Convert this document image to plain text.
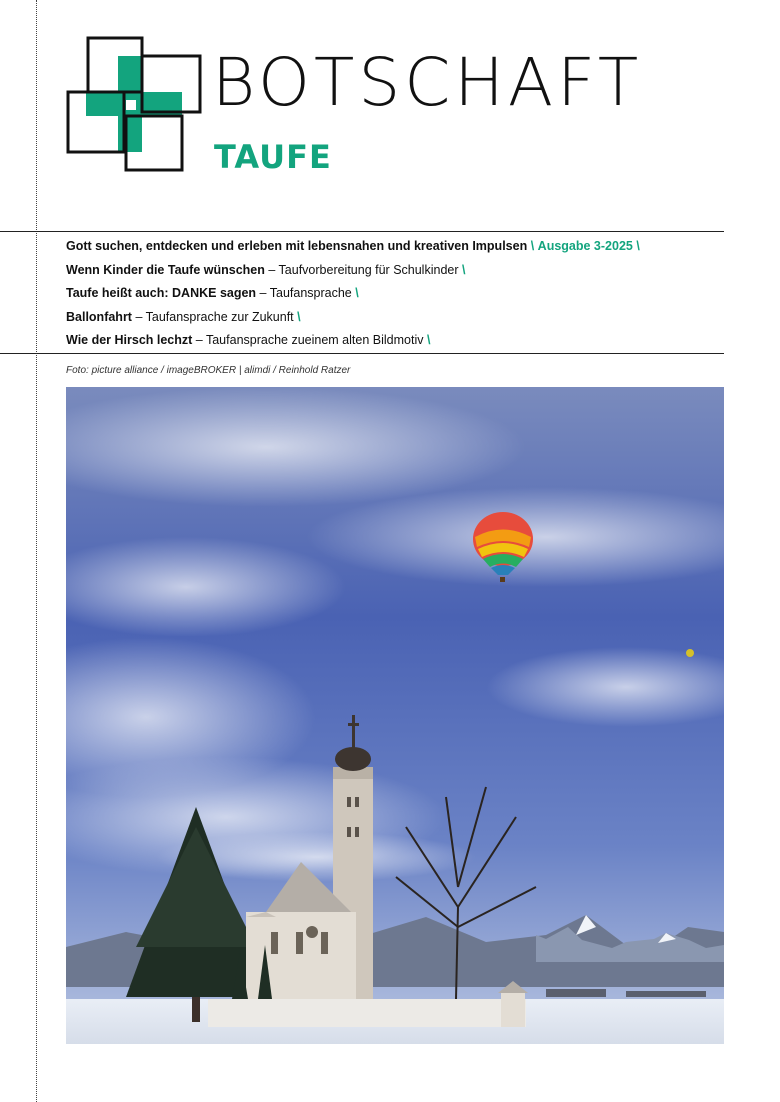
BOTSCHAFT
TAUFE
Gott suchen, entdecken und erleben mit lebensnahen und kreativen Impulsen \ Ausgabe 3-2025 \
Wenn Kinder die Taufe wünschen – Taufvorbereitung für Schulkinder \
Taufe heißt auch: DANKE sagen – Taufansprache \
Ballonfahrt – Taufansprache zur Zukunft \
Wie der Hirsch lechzt – Taufansprache zueinem alten Bildmotiv \
Foto: picture alliance / imageBROKER | alimdi / Reinhold Ratzer
